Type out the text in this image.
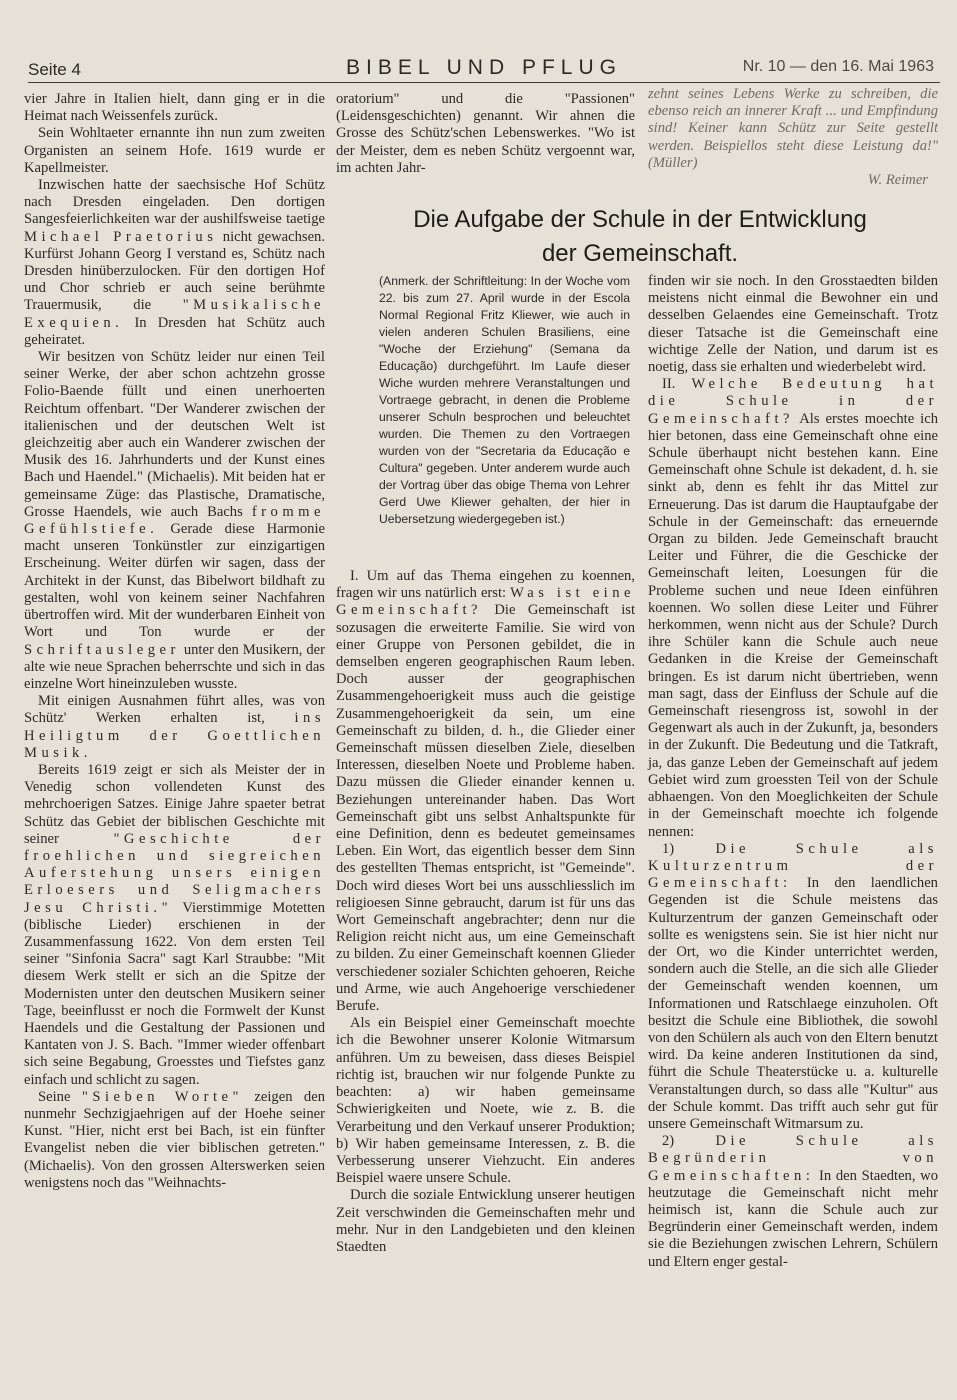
Seite 4	BIBEL UND PFLUG	Nr. 10 — den 16. Mai 1963

vier Jahre in Italien hielt, dann ging er in die Heimat nach Weissenfels zurück.

Sein Wohltaeter ernannte ihn nun zum zweiten Organisten an seinem Hofe. 1619 wurde er Kapellmeister.

Inzwischen hatte der saechsische Hof Schütz nach Dresden eingeladen. Den dortigen Sangesfeierlichkeiten war der aushilfsweise taetige Michael Praetorius nicht gewachsen. Kurfürst Johann Georg I verstand es, Schütz nach Dresden hinüberzulocken. Für den dortigen Hof und Chor schrieb er auch seine berühmte Trauermusik, die "Musikalische Exequien. In Dresden hat Schütz auch geheiratet.

Wir besitzen von Schütz leider nur einen Teil seiner Werke, der aber schon achtzehn grosse Folio-Baende füllt und einen unerhoerten Reichtum offenbart. "Der Wanderer zwischen der italienischen und der deutschen Welt ist gleichzeitig aber auch ein Wanderer zwischen der Musik des 16. Jahrhunderts und der Kunst eines Bach und Haendel." (Michaelis). Mit beiden hat er gemeinsame Züge: das Plastische, Dramatische, Grosse Haendels, wie auch Bachs fromme Gefühlstiefe. Gerade diese Harmonie macht unseren Tonkünstler zur einzigartigen Erscheinung. Weiter dürfen wir sagen, dass der Architekt in der Kunst, das Bibelwort bildhaft zu gestalten, wohl von keinem seiner Nachfahren übertroffen wird. Mit der wunderbaren Einheit von Wort und Ton wurde er der Schriftausleger unter den Musikern, der alte wie neue Sprachen beherrschte und sich in das einzelne Wort hineinzuleben wusste.

Mit einigen Ausnahmen führt alles, was von Schütz' Werken erhalten ist, ins Heiligtum der Goettlichen Musik.

Bereits 1619 zeigt er sich als Meister der in Venedig schon vollendeten Kunst des mehrchoerigen Satzes. Einige Jahre spaeter betrat Schütz das Gebiet der biblischen Geschichte mit seiner	"Geschichte der froehlichen und siegreichen Auferstehung unsers einigen Erloesers und Seligmachers Jesu Christi." Vierstimmige Motetten (biblische Lieder) erschienen in der Zusammenfassung 1622. Von dem ersten Teil seiner "Sinfonia Sacra" sagt Karl Straubbe: "Mit diesem Werk stellt er sich an die Spitze der Modernisten unter den deutschen Musikern seiner Tage, beeinflusst er noch die Formwelt der Kunst Haendels und die Gestaltung der Passionen und Kantaten von J. S. Bach. "Immer wieder offenbart sich seine Begabung, Groesstes und Tiefstes ganz einfach und schlicht zu sagen.

Seine "Sieben Worte" zeigen den nunmehr Sechzigjaehrigen auf der Hoehe seiner Kunst. "Hier, nicht erst bei Bach, ist ein fünfter Evangelist neben die vier biblischen getreten." (Michaelis). Von den grossen Alterswerken seien wenigstens noch das "Weihnachts-

oratorium" und die "Passionen" (Leidensgeschichten) genannt. Wir ahnen die Grosse des Schütz'schen Lebenswerkes. "Wo ist der Meister, dem es neben Schütz vergoennt war, im achten Jahr-

zehnt seines Lebens Werke zu schreiben, die ebenso reich an innerer Kraft ... und Empfindung sind! Keiner kann Schütz zur Seite gestellt werden. Beispiellos steht diese Leistung da!" (Müller)

W. Reimer

Die Aufgabe der Schule in der Entwicklung
der Gemeinschaft.

(Anmerk. der Schriftleitung: In der Woche vom 22. bis zum 27. April wurde in der Escola Normal Regional Fritz Kliewer, wie auch in vielen anderen Schulen Brasiliens, eine "Woche der Erziehung" (Semana da Educação) durchgeführt. Im Laufe dieser Wiche wurden mehrere Veranstaltungen und Vortraege gebracht, in denen die Probleme unserer Schuln besprochen und beleuchtet wurden. Die Themen zu den Vortraegen wurden von der "Secretaria da Educação e Cultura" gegeben. Unter anderem wurde auch der Vortrag über das obige Thema von Lehrer Gerd Uwe Kliewer gehalten, der hier in Uebersetzung wiedergegeben ist.)

I. Um auf das Thema eingehen zu koennen, fragen wir uns natürlich erst: Was ist eine Gemeinschaft? Die Gemeinschaft ist sozusagen die erweiterte Familie. Sie wird von einer Gruppe von Personen gebildet, die in demselben engeren geographischen Raum leben. Doch ausser der geographischen Zusammengehoerigkeit muss auch die geistige Zusammengehoerigkeit da sein, um eine Gemeinschaft zu bilden, d. h., die Glieder einer Gemeinschaft müssen dieselben Ziele, dieselben Interessen, dieselben Noete und Probleme haben. Dazu müssen die Glieder einander kennen u. Beziehungen untereinander haben. Das Wort Gemeinschaft gibt uns selbst Anhaltspunkte für eine Definition, denn es bedeutet gemeinsames Leben. Ein Wort, das eigentlich besser dem Sinn des gestellten Themas entspricht, ist "Gemeinde". Doch wird dieses Wort bei uns ausschliesslich im religioesen Sinne gebraucht, darum ist für uns das Wort Gemeinschaft angebrachter; denn nur die Religion reicht nicht aus, um eine Gemeinschaft zu bilden. Zu einer Gemeinschaft koennen Glieder verschiedener sozialer Schichten gehoeren, Reiche und Arme, wie auch Angehoerige verschiedener Berufe.

Als ein Beispiel einer Gemeinschaft moechte ich die Bewohner unserer Kolonie Witmarsum anführen. Um zu beweisen, dass dieses Beispiel richtig ist, brauchen wir nur folgende Punkte zu beachten: a) wir haben gemeinsame Schwierigkeiten und Noete, wie z. B. die Verarbeitung und den Verkauf unserer Produktion; b) Wir haben gemeinsame Interessen, z. B. die Verbesserung unserer Viehzucht. Ein anderes Beispiel waere unsere Schule.

Durch die soziale Entwicklung unserer heutigen Zeit verschwinden die Gemeinschaften mehr und mehr. Nur in den Landgebieten und den kleinen Staedten

finden wir sie noch. In den Grosstaedten bilden meistens nicht einmal die Bewohner ein und desselben Gelaendes eine Gemeinschaft. Trotz dieser Tatsache ist die Gemeinschaft eine wichtige Zelle der Nation, und darum ist es noetig, dass sie erhalten und wiederbelebt wird.

II. Welche Bedeutung hat die Schule in der Gemeinschaft? Als erstes moechte ich hier betonen, dass eine Gemeinschaft ohne eine Schule überhaupt nicht bestehen kann. Eine Gemeinschaft ohne Schule ist dekadent, d. h. sie sinkt ab, denn es fehlt ihr das Mittel zur Erneuerung. Das ist darum die Hauptaufgabe der Schule in der Gemeinschaft: das erneuernde Organ zu bilden. Jede Gemeinschaft braucht Leiter und Führer, die die Geschicke der Gemeinschaft leiten, Loesungen für die Probleme suchen und neue Ideen einführen koennen. Wo sollen diese Leiter und Führer herkommen, wenn nicht aus der Schule? Durch ihre Schüler kann die Schule auch neue Gedanken in die Kreise der Gemeinschaft bringen. Es ist darum nicht übertrieben, wenn man sagt, dass der Einfluss der Schule auf die Gemeinschaft riesengross ist, sowohl in der Gegenwart als auch in der Zukunft, ja, besonders in der Zukunft. Die Bedeutung und die Tatkraft, ja, das ganze Leben der Gemeinschaft auf jedem Gebiet wird zum groessten Teil von der Schule abhaengen. Von den Moeglichkeiten der Schule in der Gemeinschaft moechte ich folgende nennen:

1)	Die Schule als Kulturzentrum der Gemeinschaft: In den laendlichen Gegenden ist die Schule meistens das Kulturzentrum der ganzen Gemeinschaft oder sollte es wenigstens sein. Sie ist hier nicht nur der Ort, wo die Kinder unterrichtet werden, sondern auch die Stelle, an die sich alle Glieder der Gemeinschaft wenden koennen, um Informationen und Ratschlaege einzuholen. Oft besitzt die Schule eine Bibliothek, die sowohl von den Schülern als auch von den Eltern benutzt wird. Da keine anderen Institutionen da sind, führt die Schule Theaterstücke u. a. kulturelle Veranstaltungen durch, so dass alle "Kultur" aus der Schule kommt. Das trifft auch sehr gut für unsere Gemeinschaft Witmarsum zu.

2)	Die Schule als Begründerin von Gemeinschaften: In den Staedten, wo heutzutage die Gemeinschaft nicht mehr heimisch ist, kann die Schule auch zur Begründerin einer Gemeinschaft werden, indem sie die Beziehungen zwischen Lehrern, Schülern und Eltern enger gestal-
